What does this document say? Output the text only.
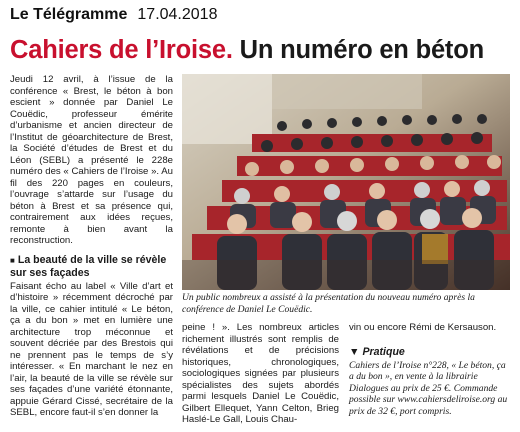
Le Télégramme 17.04.2018
Cahiers de l’Iroise. Un numéro en béton

Jeudi 12 avril, à l’issue de la conférence « Brest, le béton à bon escient » donnée par Daniel Le Couëdic, professeur émérite d’urbanisme et ancien directeur de l’Institut de géoarchitecture de Brest, la Société d’études de Brest et du Léon (SEBL) a présenté le 228e numéro des « Cahiers de l’Iroise ». Au fil des 220 pages en couleurs, l’ouvrage s’attarde sur l’usage du béton à Brest et sa présence qui, contrairement aux idées reçues, remonte à bien avant la reconstruction.

■ La beauté de la ville se révèle sur ses façades

Faisant écho au label « Ville d’art et d’histoire » récemment décroché par la ville, ce cahier intitulé « Le béton, ça a du bon » met en lumière une architecture trop méconnue et souvent décriée par des Brestois qui ne prennent pas le temps de s’y intéresser. « En marchant le nez en l’air, la beauté de la ville se révèle sur ses façades d’une variété étonnante, appuie Gérard Cissé, secrétaire de la SEBL, encore faut-il s’en donner la

Un public nombreux a assisté à la présentation du nouveau numéro après la conférence de Daniel Le Couëdic.

peine ! ». Les nombreux articles richement illustrés sont remplis de révélations et de précisions historiques, chronologiques, sociologiques signées par plusieurs spécialistes des sujets abordés parmi lesquels Daniel Le Couëdic, Gilbert Ellequet, Yann Celton, Brieg Haslé-Le Gall, Louis Chau-

vin ou encore Rémi de Kersauson.

▼ Pratique

Cahiers de l’Iroise n°228, « Le béton, ça a du bon », en vente à la librairie Dialogues au prix de 25 €. Commande possible sur www.cahiersdeliroise.org au prix de 32 €, port compris.
